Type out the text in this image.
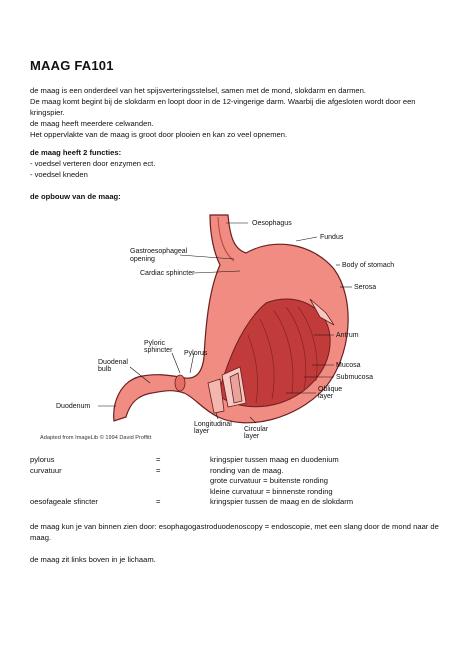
MAAG FA101

de maag is een onderdeel van het spijsverteringsstelsel, samen met de mond, slokdarm en darmen.

De maag komt begint bij de slokdarm en loopt door in de 12-vingerige darm. Waarbij die afgesloten wordt door een kringspier.

de maag heeft meerdere celwanden.

Het oppervlakte van de maag is groot door plooien en kan zo veel opnemen.

de maag heeft 2 functies:

- voedsel verteren door enzymen ect.

- voedsel kneden

de opbouw van de maag:
Oesophagus
Fundus
Gastroesophageal
opening
Body of stomach
Cardiac sphincter
Serosa
Antrum
Pyloric
sphincter Pylorus
Mucosa
Duodenal
bulb
Submucosa
Oblique
layer
Duodenum
Longitudinal
layer	Circular
layer
Adapted from ImageLib © 1994 David Proffitt
pylorus	=	kringspier tussen maag en duodenium
curvatuur	=	ronding van de maag.
grote curvatuur = buitenste ronding
kleine curvatuur = binnenste ronding
oesofageale sfincter	=	kringspier tussen de maag en de slokdarm

de maag kun je van binnen zien door: esophagogastroduodenoscopy = endoscopie, met een slang door de mond naar de maag.

de maag zit links boven in je lichaam.
